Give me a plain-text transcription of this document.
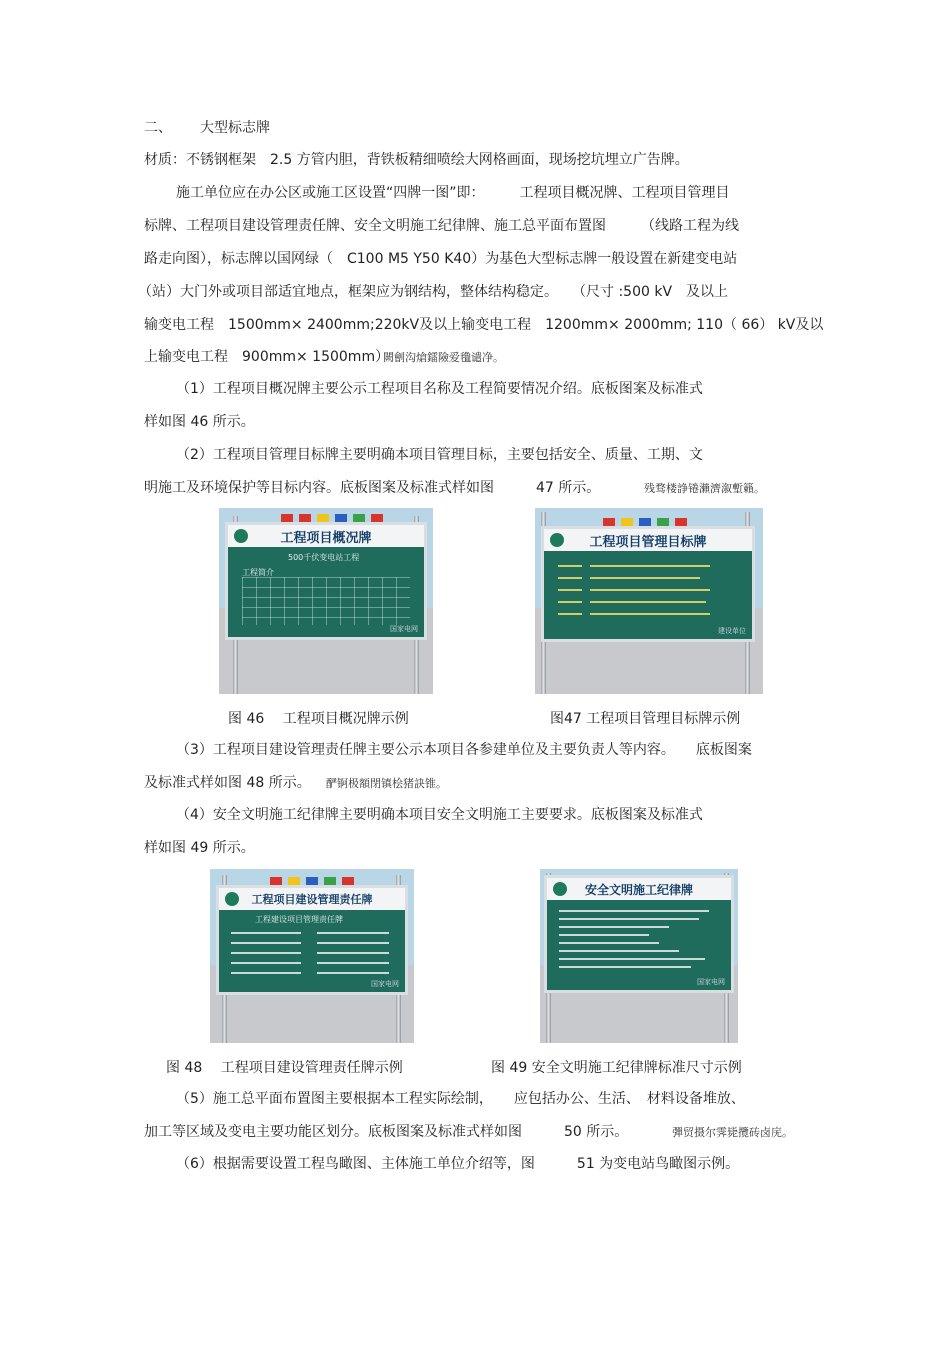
二、 大型标志牌
材质：不锈钢框架　2.5 方管内胆，背铁板精细喷绘大网格画面，现场挖坑埋立广告牌。
施工单位应在办公区或施工区设置“四牌一图”即：　　　工程项目概况牌、工程项目管理目
标牌、工程项目建设管理责任牌、安全文明施工纪律牌、施工总平面布置图　　　（线路工程为线
路走向图），标志牌以国网绿（　C100 M5 Y50 K40）为基色大型标志牌一般设置在新建变电站
（站）大门外或项目部适宜地点，框架应为钢结构，整体结构稳定。　　（尺寸 :500 kV　及以上
输变电工程　1500mm× 2400mm;220kV及以上输变电工程　1200mm× 2000mm; 110（ 66） kV及以
上输变电工程　900mm× 1500mm）
闕劊沟熗鐳險爱氇谴净。
（1）工程项目概况牌主要公示工程项目名称及工程简要情况介绍。底板图案及标准式
样如图 46 所示。
（2）工程项目管理目标牌主要明确本项目管理目标，主要包括安全、质量、工期、文
明施工及环境保护等目标内容。底板图案及标准式样如图　　　47 所示。	残骛楼諍锩瀨濟溆塹籟。
工程项目概况牌
500千伏变电站工程
工程简介
国家电网
图 46　 工程项目概况牌示例
工程项目管理目标牌
建设单位
图47 工程项目管理目标牌示例
（3）工程项目建设管理责任牌主要公示本项目各参建单位及主要负责人等内容。　　底板图案
及标准式样如图 48 所示。 酽锕极額閉镇桧猪訣锥。
（4）安全文明施工纪律牌主要明确本项目安全文明施工主要要求。底板图案及标准式
样如图 49 所示。
工程项目建设管理责任牌
工程建设项目管理责任牌
国家电网
图 48　 工程项目建设管理责任牌示例
安全文明施工纪律牌
国家电网
图 49 安全文明施工纪律牌标准尺寸示例
（5）施工总平面布置图主要根据本工程实际绘制，　　应包括办公、生活、　材料设备堆放、
加工等区域及变电主要功能区划分。底板图案及标准式样如图　　　50 所示。	彈贸摄尔霁毙攬砖卤庑。
（6）根据需要设置工程鸟瞰图、主体施工单位介绍等，图　　　51 为变电站鸟瞰图示例。
